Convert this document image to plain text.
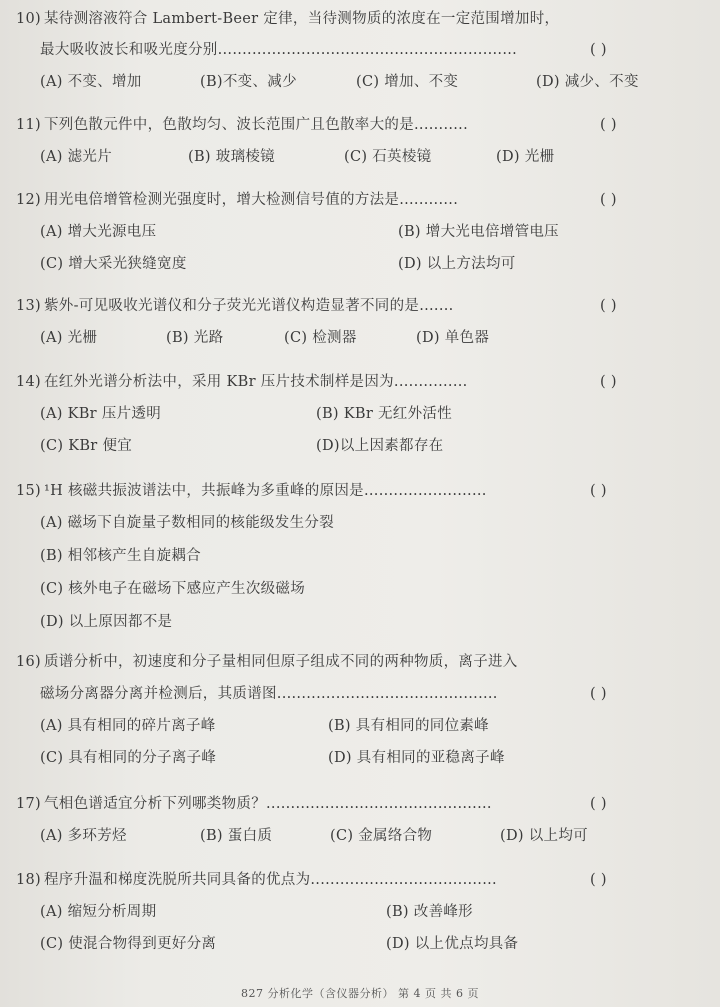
10) 某待测溶液符合 Lambert-Beer 定律，当待测物质的浓度在一定范围增加时，
最大吸收波长和吸光度分别.............................................................	( )
(A) 不变、增加	(B)不变、减少	(C) 增加、不变	(D) 减少、不变
11) 下列色散元件中，色散均匀、波长范围广且色散率大的是...........	( )
(A) 滤光片	(B) 玻璃棱镜	(C) 石英棱镜	(D) 光栅
12) 用光电倍增管检测光强度时，增大检测信号值的方法是............	( )
(A) 增大光源电压	(B) 增大光电倍增管电压
(C) 增大采光狭缝宽度	(D) 以上方法均可
13) 紫外-可见吸收光谱仪和分子荧光光谱仪构造显著不同的是.......	( )
(A) 光栅	(B) 光路	(C) 检测器	(D) 单色器
14) 在红外光谱分析法中，采用 KBr 压片技术制样是因为...............	( )
(A) KBr 压片透明	(B) KBr 无红外活性
(C) KBr 便宜	(D)以上因素都存在
15) ¹H 核磁共振波谱法中，共振峰为多重峰的原因是.........................	( )
(A) 磁场下自旋量子数相同的核能级发生分裂
(B) 相邻核产生自旋耦合
(C) 核外电子在磁场下感应产生次级磁场
(D) 以上原因都不是
16) 质谱分析中，初速度和分子量相同但原子组成不同的两种物质，离子进入
磁场分离器分离并检测后，其质谱图.............................................	( )
(A) 具有相同的碎片离子峰	(B) 具有相同的同位素峰
(C) 具有相同的分子离子峰	(D) 具有相同的亚稳离子峰
17) 气相色谱适宜分析下列哪类物质？..............................................	( )
(A) 多环芳烃	(B) 蛋白质	(C) 金属络合物	(D) 以上均可
18) 程序升温和梯度洗脱所共同具备的优点为......................................	( )
(A) 缩短分析周期	(B) 改善峰形
(C) 使混合物得到更好分离	(D) 以上优点均具备
827 分析化学（含仪器分析） 第 4 页 共 6 页
